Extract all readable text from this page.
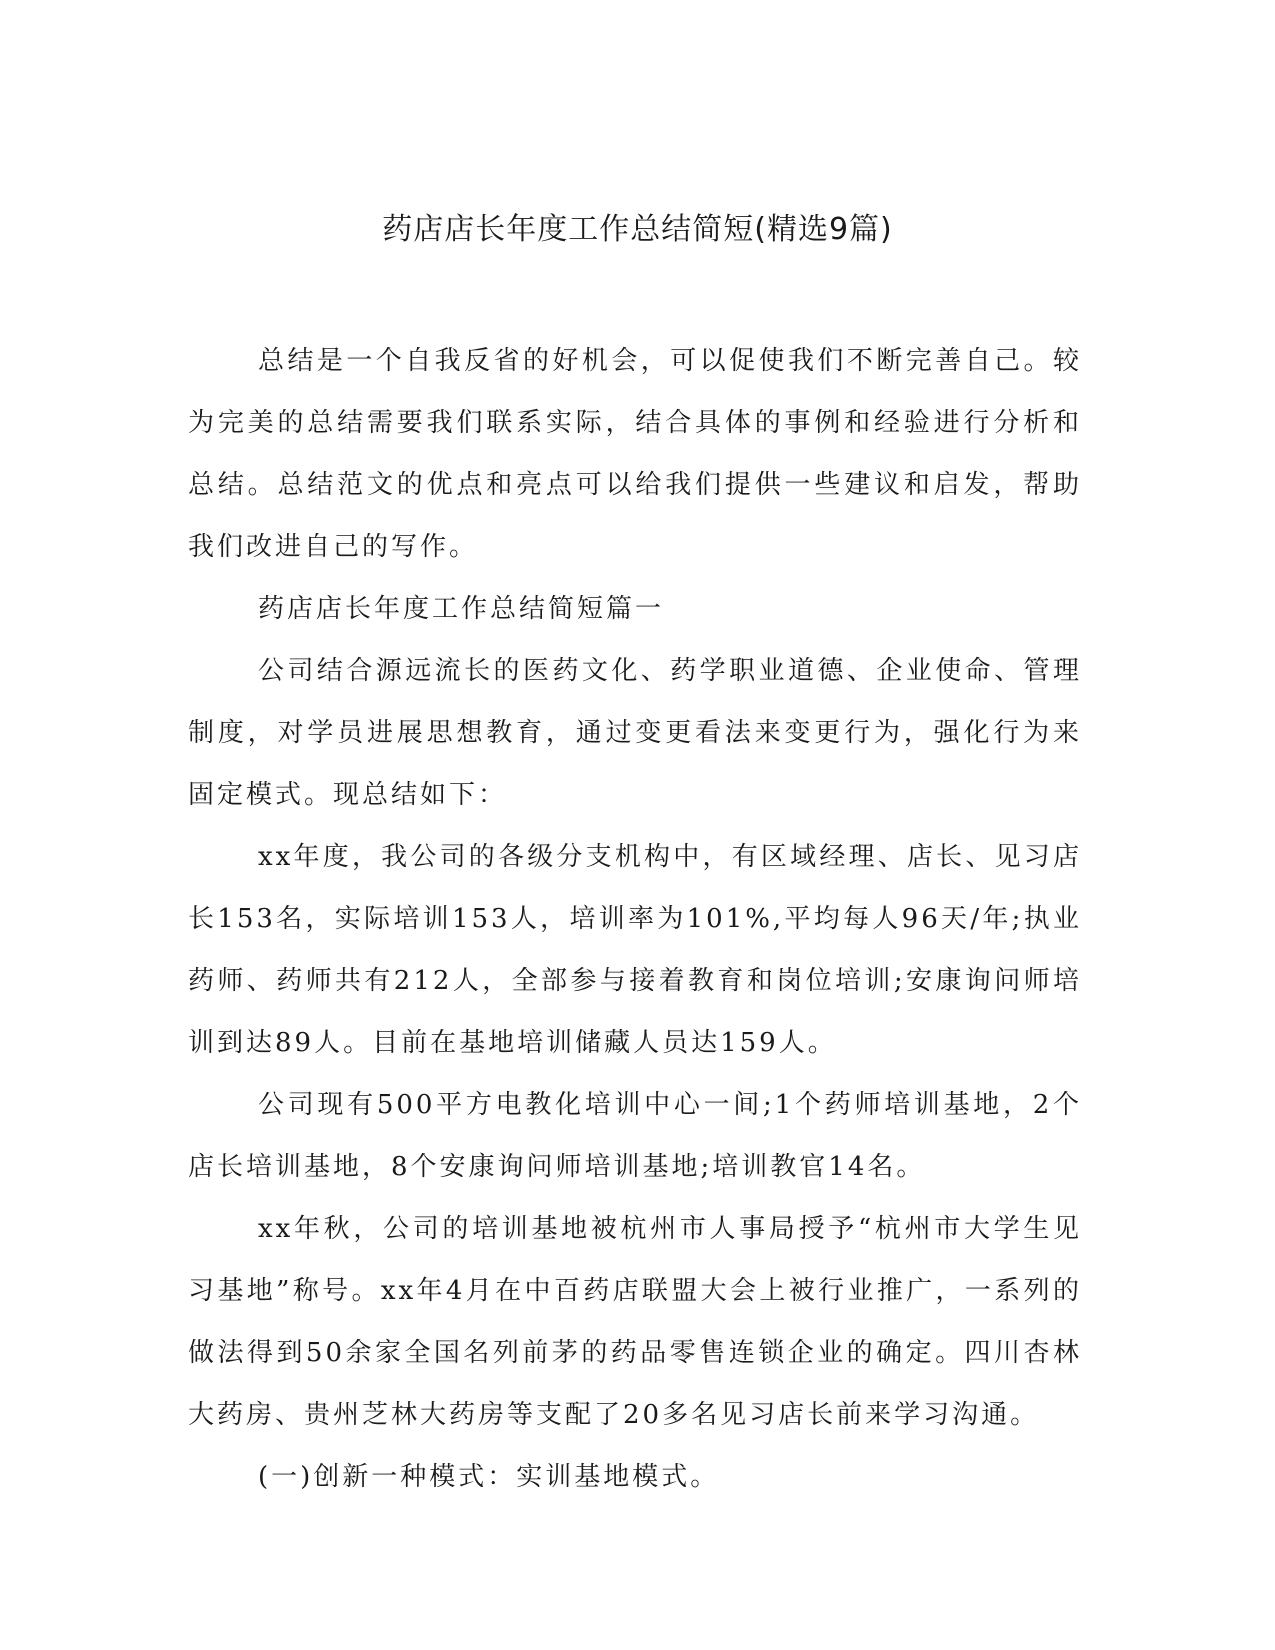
药店店长年度工作总结简短(精选9篇)

总结是一个自我反省的好机会，可以促使我们不断完善自己。较为完美的总结需要我们联系实际，结合具体的事例和经验进行分析和总结。总结范文的优点和亮点可以给我们提供一些建议和启发，帮助我们改进自己的写作。

药店店长年度工作总结简短篇一

公司结合源远流长的医药文化、药学职业道德、企业使命、管理制度，对学员进展思想教育，通过变更看法来变更行为，强化行为来固定模式。现总结如下：

xx年度，我公司的各级分支机构中，有区域经理、店长、见习店长153名，实际培训153人，培训率为101%,平均每人96天/年;执业药师、药师共有212人，全部参与接着教育和岗位培训;安康询问师培训到达89人。目前在基地培训储藏人员达159人。

公司现有500平方电教化培训中心一间;1个药师培训基地，2个店长培训基地，8个安康询问师培训基地;培训教官14名。

xx年秋，公司的培训基地被杭州市人事局授予“杭州市大学生见习基地”称号。xx年4月在中百药店联盟大会上被行业推广，一系列的做法得到50余家全国名列前茅的药品零售连锁企业的确定。四川杏林大药房、贵州芝林大药房等支配了20多名见习店长前来学习沟通。

(一)创新一种模式：实训基地模式。
